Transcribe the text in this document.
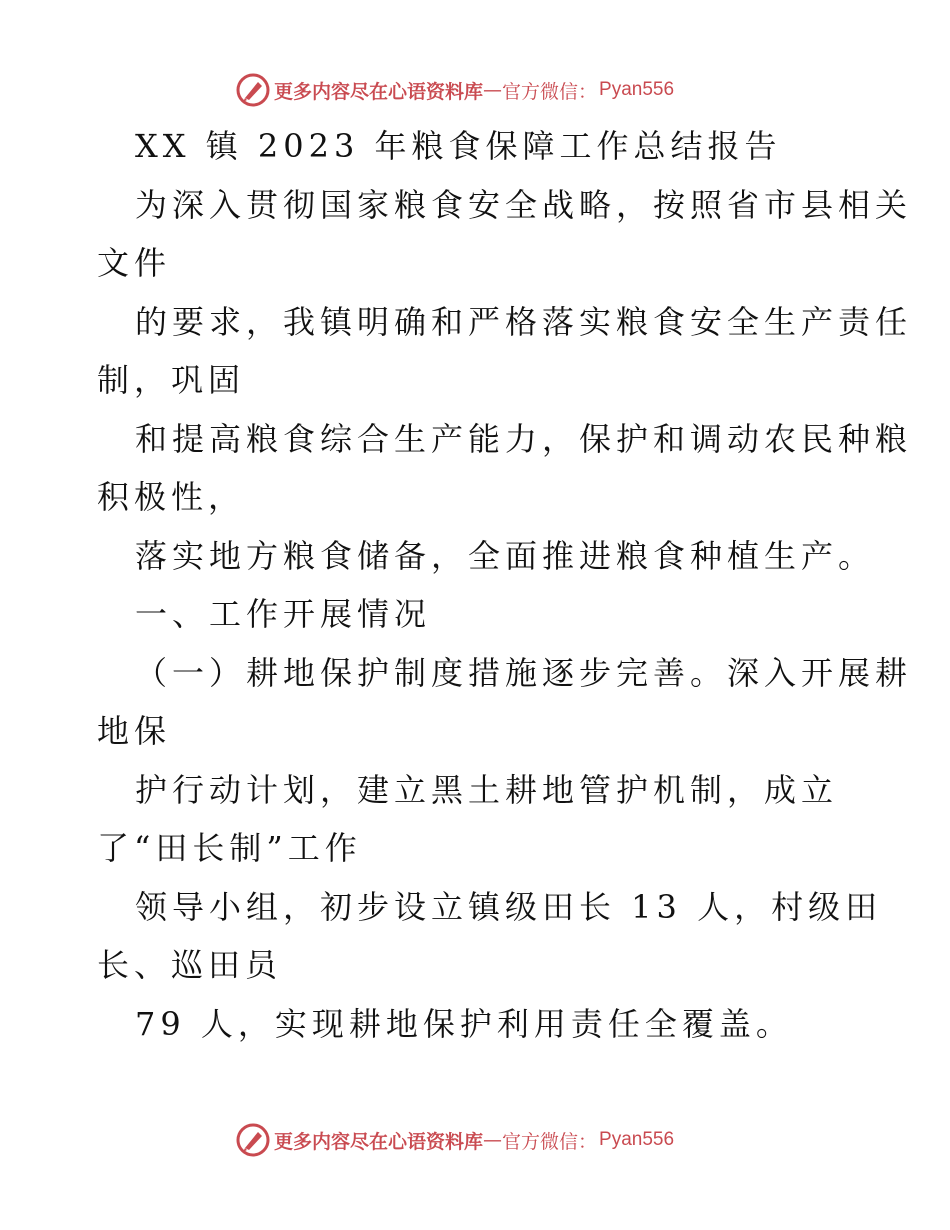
更多内容尽在心语资料库 — 官方微信： Pyan556
XX 镇 2023 年粮食保障工作总结报告
为深入贯彻国家粮食安全战略，按照省市县相关
文件
的要求，我镇明确和严格落实粮食安全生产责任
制，巩固
和提高粮食综合生产能力，保护和调动农民种粮
积极性，
落实地方粮食储备，全面推进粮食种植生产。
一、工作开展情况
（一）耕地保护制度措施逐步完善。深入开展耕
地保
护行动计划，建立黑土耕地管护机制，成立
了“田长制”工作
领导小组，初步设立镇级田长 13 人，村级田
长、巡田员
79 人，实现耕地保护利用责任全覆盖。
更多内容尽在心语资料库 — 官方微信： Pyan556
